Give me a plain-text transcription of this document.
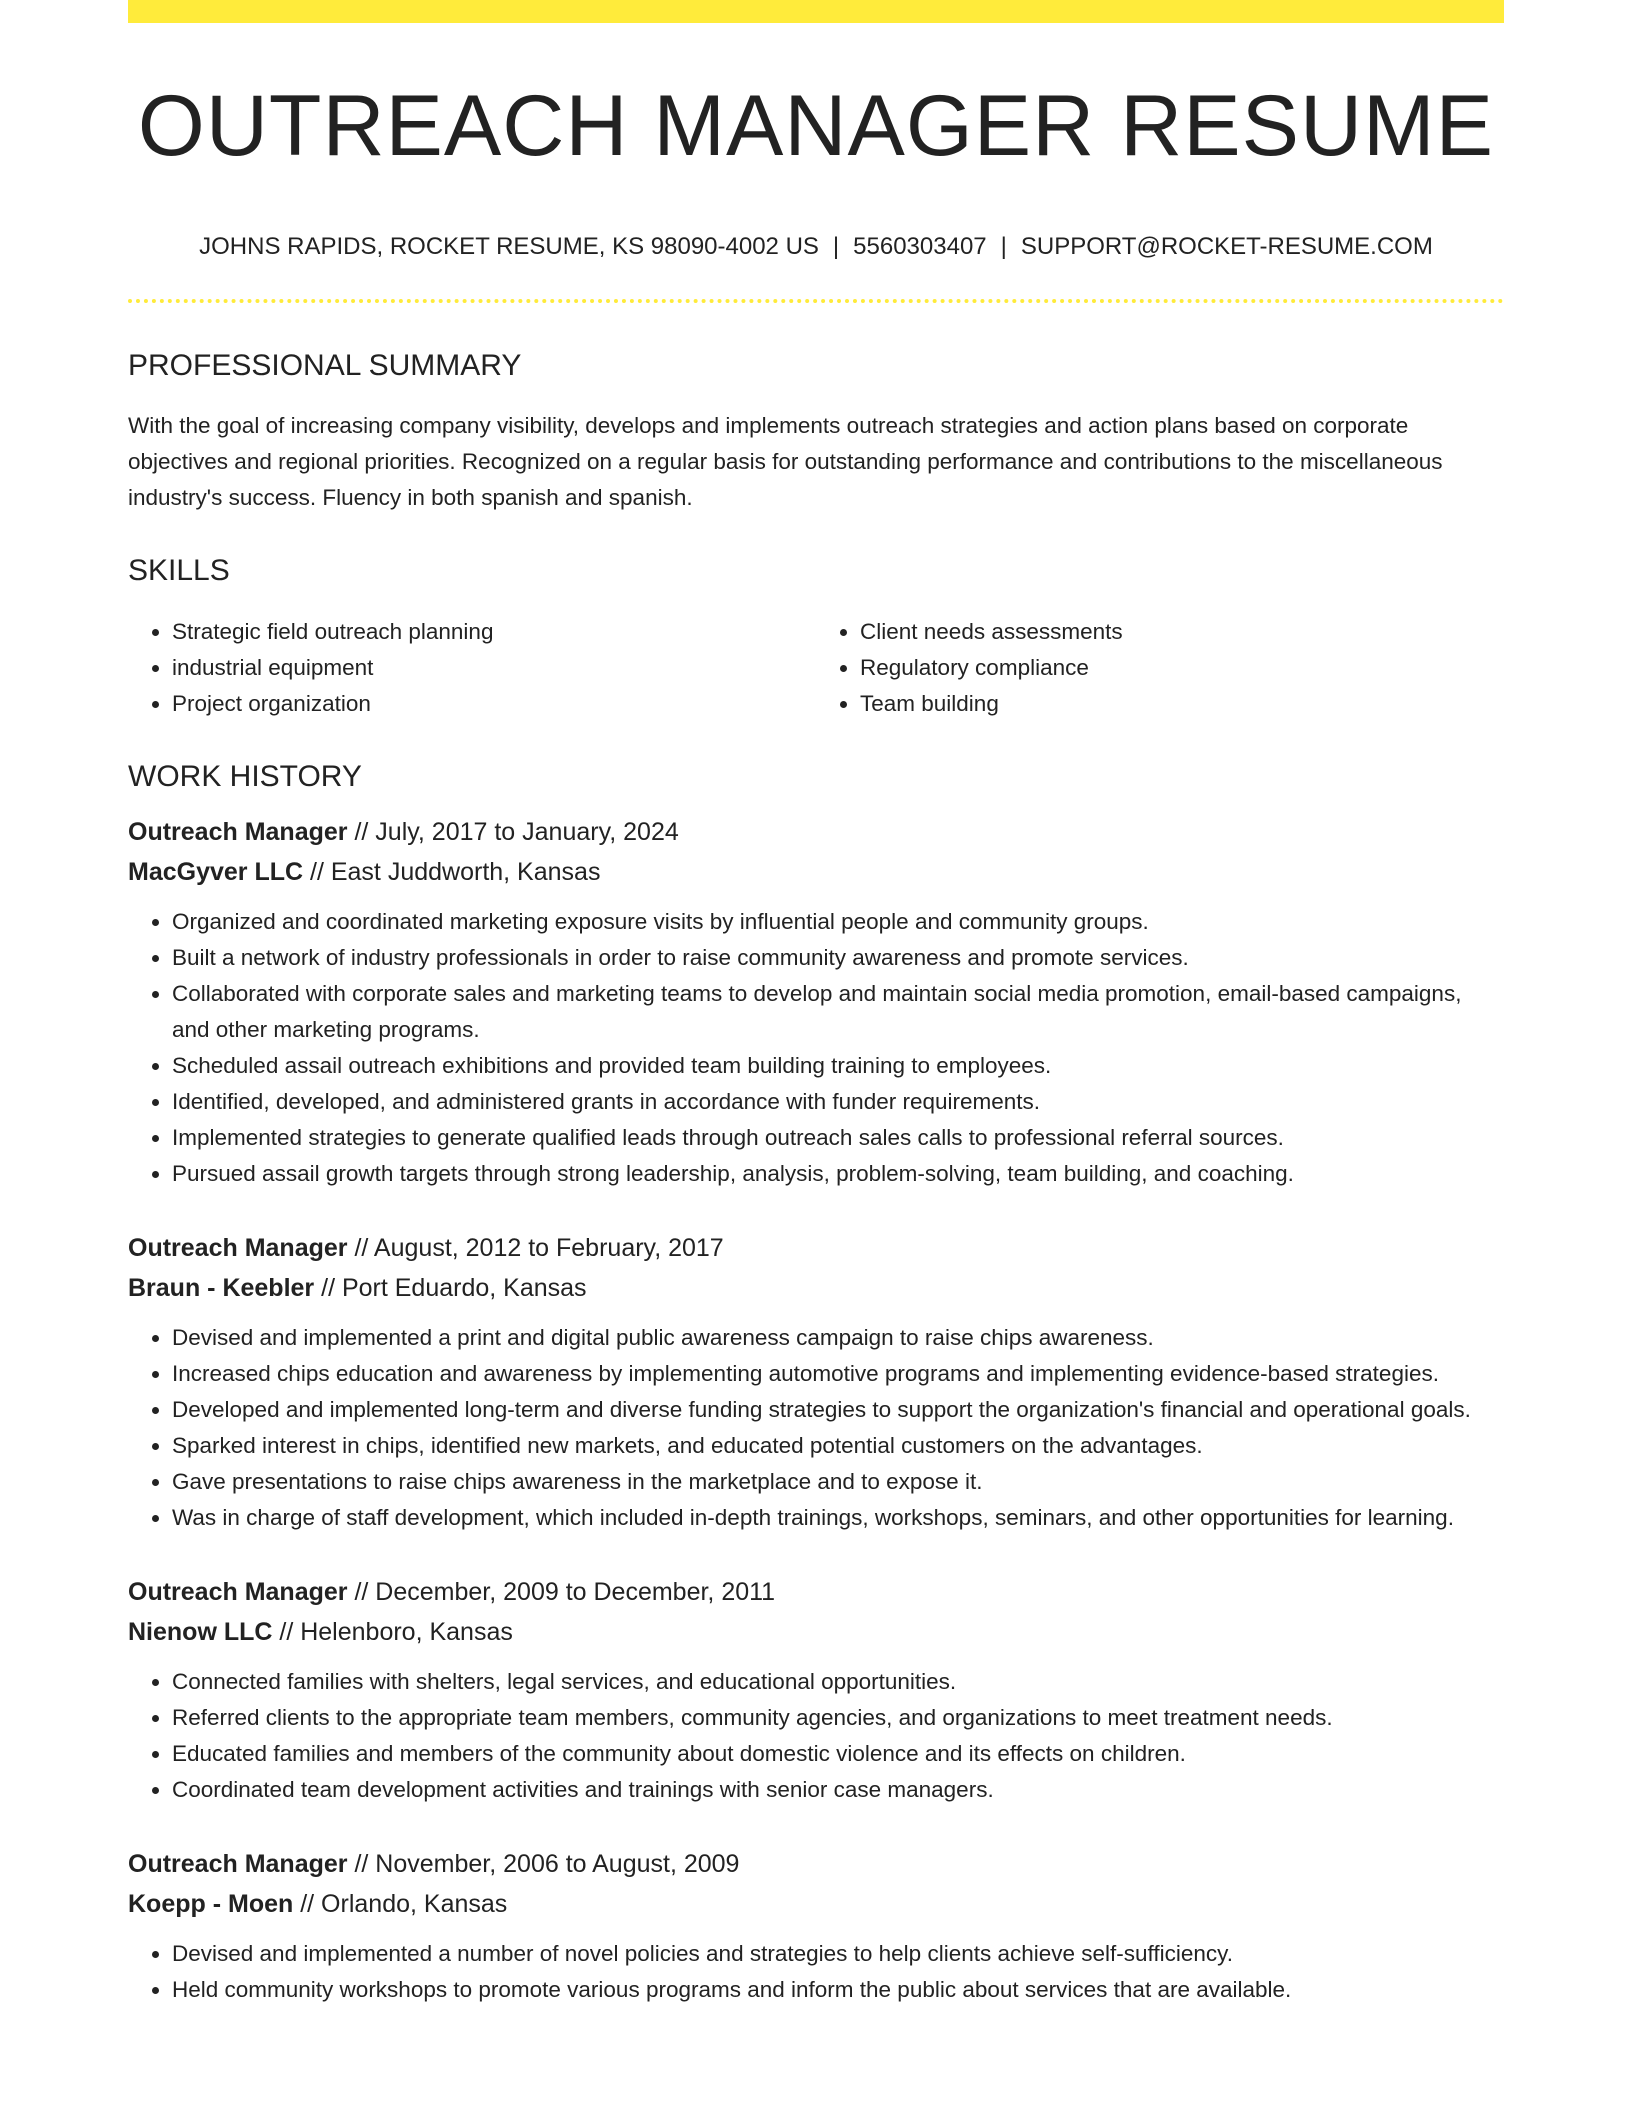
OUTREACH MANAGER RESUME
JOHNS RAPIDS, ROCKET RESUME, KS 98090-4002 US | 5560303407 | SUPPORT@ROCKET-RESUME.COM
PROFESSIONAL SUMMARY

With the goal of increasing company visibility, develops and implements outreach strategies and action plans based on corporate objectives and regional priorities. Recognized on a regular basis for outstanding performance and contributions to the miscellaneous industry's success. Fluency in both spanish and spanish.

SKILLS
• Strategic field outreach planning
• industrial equipment
• Project organization
• Client needs assessments
• Regulatory compliance
• Team building
WORK HISTORY
Outreach Manager // July, 2017 to January, 2024
MacGyver LLC // East Juddworth, Kansas
• Organized and coordinated marketing exposure visits by influential people and community groups.
• Built a network of industry professionals in order to raise community awareness and promote services.
• Collaborated with corporate sales and marketing teams to develop and maintain social media promotion, email-based campaigns, and other marketing programs.
• Scheduled assail outreach exhibitions and provided team building training to employees.
• Identified, developed, and administered grants in accordance with funder requirements.
• Implemented strategies to generate qualified leads through outreach sales calls to professional referral sources.
• Pursued assail growth targets through strong leadership, analysis, problem-solving, team building, and coaching.
Outreach Manager // August, 2012 to February, 2017
Braun - Keebler // Port Eduardo, Kansas
• Devised and implemented a print and digital public awareness campaign to raise chips awareness.
• Increased chips education and awareness by implementing automotive programs and implementing evidence-based strategies.
• Developed and implemented long-term and diverse funding strategies to support the organization's financial and operational goals.
• Sparked interest in chips, identified new markets, and educated potential customers on the advantages.
• Gave presentations to raise chips awareness in the marketplace and to expose it.
• Was in charge of staff development, which included in-depth trainings, workshops, seminars, and other opportunities for learning.
Outreach Manager // December, 2009 to December, 2011
Nienow LLC // Helenboro, Kansas
• Connected families with shelters, legal services, and educational opportunities.
• Referred clients to the appropriate team members, community agencies, and organizations to meet treatment needs.
• Educated families and members of the community about domestic violence and its effects on children.
• Coordinated team development activities and trainings with senior case managers.
Outreach Manager // November, 2006 to August, 2009
Koepp - Moen // Orlando, Kansas
• Devised and implemented a number of novel policies and strategies to help clients achieve self-sufficiency.
• Held community workshops to promote various programs and inform the public about services that are available.
